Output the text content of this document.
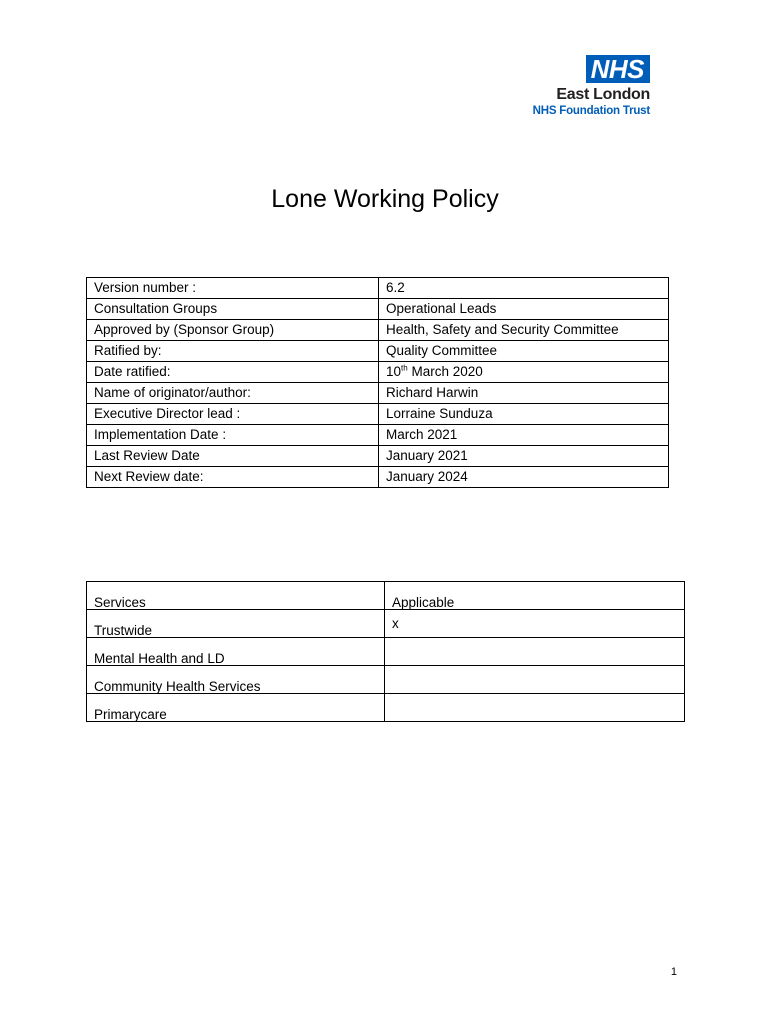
NHS
East London
NHS Foundation Trust
Lone Working Policy
Version number :	6.2
Consultation Groups	Operational Leads
Approved by (Sponsor Group)	Health, Safety and Security Committee
Ratified by:	Quality Committee
Date ratified:	10th March 2020
Name of originator/author:	Richard Harwin
Executive Director lead :	Lorraine Sunduza
Implementation Date :	March 2021
Last Review Date	January 2021
Next Review date:	January 2024
Services	Applicable
Trustwide	x
Mental Health and LD	
Community Health Services	
Primarycare	
1
